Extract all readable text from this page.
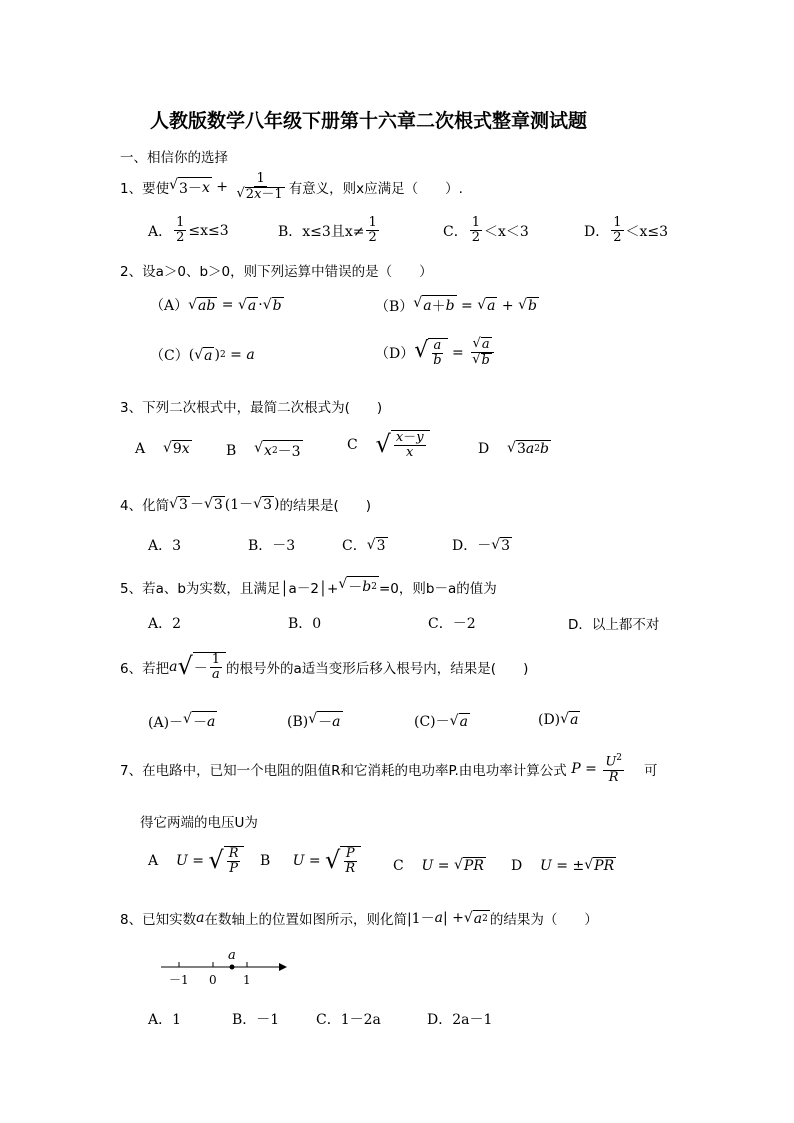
人教版数学八年级下册第十六章二次根式整章测试题
一、相信你的选择
1、要使 √ $3- x + \frac{1}{√ 2 x -1}$ 有意义，则x应满足（　　）.
A． $\frac{1}{2} \le x\le 3$	B．x≤3且$x\ne \frac{1}{2}$	C． $\frac{1}{2} <x<3$	D． $\frac{1}{2} <x\le 3$
2、设a＞0、b＞0，则下列运算中错误的是（　　）
（A） √ ab = √ a · √ b	（B） √ a ＋ b = √ a + √ b
（C） ( √ a ) 2 = a	（D） √ $\frac{a}{b} = \frac{√ a}{√ b}$
3、下列二次根式中，最简二次根式为(　　)
A
√ 9 x	B
√ x 2 －3	C
√ $\frac{x-y}{x}$	D
√ 3 a 2 b
4、化简 √ 3 － √ 3 (1－ √ 3 ) 的结果是(　　)
A．3	B．－3	C． √ 3	D．－ √ 3
5、若a、b为实数，且满足│a－2│+ √ － b 2 =0，则b－a的值为
A．2	B．0	C．－2	D．以上都不对
6、若把 a √ － $\frac{1}{a}$ 的根号外的a适当变形后移入根号内，结果是(　　)
(A)－ √ － a	(B) √ － a	(C)－ √ a	(D) √ a
7、在电路中，已知一个电阻的阻值R和它消耗的电功率P.由电功率计算公式
$P = \frac{U^2}{R}$ 可
得它两端的电压U为
A
U = √ $\frac{R}{P}$ B
U = √ $\frac{P}{R}$	C
U = √ PR D
U = ± √ PR
8、已知实数 a 在数轴上的位置如图所示，则化简 |1－ a | + √ a 2 的结果为（　　）
a
－1 0 1
A．1	B．－1	C．1－2a	D．2a－1
